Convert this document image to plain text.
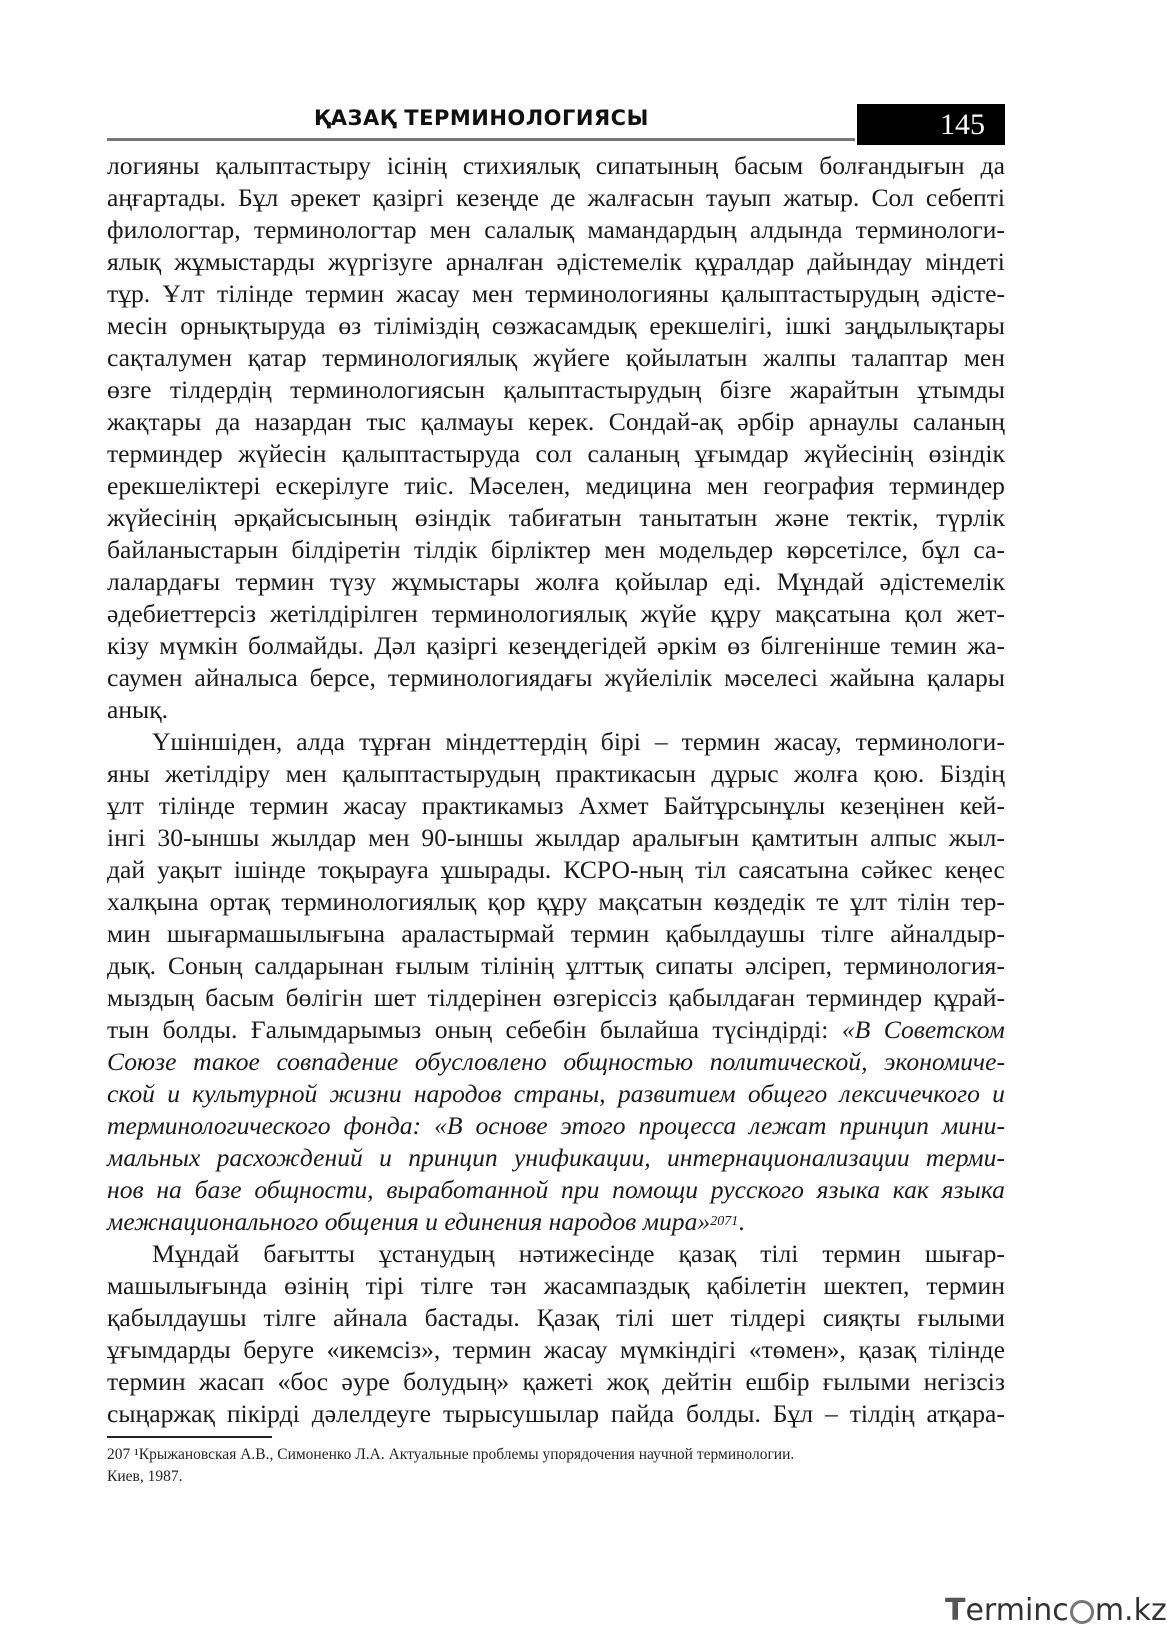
ҚАЗАҚ ТЕРМИНОЛОГИЯСЫ	145
логияны қалыптастыру ісінің стихиялық сипатының басым болғандығын да
аңғартады. Бұл әрекет қазіргі кезеңде де жалғасын тауып жатыр. Сол себепті
филологтар, терминологтар мен салалық мамандардың алдында терминологи-
ялық жұмыстарды жүргізуге арналған әдістемелік құралдар дайындау міндеті
тұр. Ұлт тілінде термин жасау мен терминологияны қалыптастырудың әдісте-
месін орнықтыруда өз тіліміздің сөзжасамдық ерекшелігі, ішкі заңдылықтары
сақталумен қатар терминологиялық жүйеге қойылатын жалпы талаптар мен
өзге тілдердің терминологиясын қалыптастырудың бізге жарайтын ұтымды
жақтары да назардан тыс қалмауы керек. Сондай-ақ әрбір арнаулы саланың
терминдер жүйесін қалыптастыруда сол саланың ұғымдар жүйесінің өзіндік
ерекшеліктері ескерілуге тиіс. Мәселен, медицина мен география терминдер
жүйесінің әрқайсысының өзіндік табиғатын танытатын және тектік, түрлік
байланыстарын білдіретін тілдік бірліктер мен модельдер көрсетілсе, бұл са-
лалардағы термин түзу жұмыстары жолға қойылар еді. Мұндай әдістемелік
әдебиеттерсіз жетілдірілген терминологиялық жүйе құру мақсатына қол жет-
кізу мүмкін болмайды. Дәл қазіргі кезеңдегідей әркім өз білгенінше темин жа-
саумен айналыса берсе, терминологиядағы жүйелілік мәселесі жайына қалары
анық.
Үшіншіден, алда тұрған міндеттердің бірі – термин жасау, терминологи-
яны жетілдіру мен қалыптастырудың практикасын дұрыс жолға қою. Біздің
ұлт тілінде термин жасау практикамыз Ахмет Байтұрсынұлы кезеңінен кей-
інгі 30-ыншы жылдар мен 90-ыншы жылдар аралығын қамтитын алпыс жыл-
дай уақыт ішінде тоқырауға ұшырады. КСРО-ның тіл саясатына сәйкес кеңес
халқына ортақ терминологиялық қор құру мақсатын көздедік те ұлт тілін тер-
мин шығармашылығына араластырмай термин қабылдаушы тілге айналдыр-
дық. Соның салдарынан ғылым тілінің ұлттық сипаты әлсіреп, терминология-
мыздың басым бөлігін шет тілдерінен өзгеріссіз қабылдаған терминдер құрай-
тын болды. Ғалымдарымыз оның себебін былайша түсіндірді: «В Советском
Союзе такое совпадение обусловлено общностью политической, экономиче-
ской и культурной жизни народов страны, развитием общего лексичечкого и
терминологического фонда: «В основе этого процесса лежат принцип мини-
мальных расхождений и принцип унификации, интернационализации терми-
нов на базе общности, выработанной при помощи русского языка как языка
межнационального общения и единения народов мира» 2071 .
Мұндай бағытты ұстанудың нәтижесінде қазақ тілі термин шығар-
машылығында өзінің тірі тілге тән жасампаздық қабілетін шектеп, термин
қабылдаушы тілге айнала бастады. Қазақ тілі шет тілдері сияқты ғылыми
ұғымдарды беруге «икемсіз», термин жасау мүмкіндігі «төмен», қазақ тілінде
термин жасап «бос әуре болудың» қажеті жоқ дейтін ешбір ғылыми негізсіз
сыңаржақ пікірді дәлелдеуге тырысушылар пайда болды. Бұл – тілдің атқара-
207 ¹Крыжановская А.В., Симоненко Л.А. Актуальные проблемы упорядочения научной терминологии.
Киев, 1987.
T erminc m.kz
